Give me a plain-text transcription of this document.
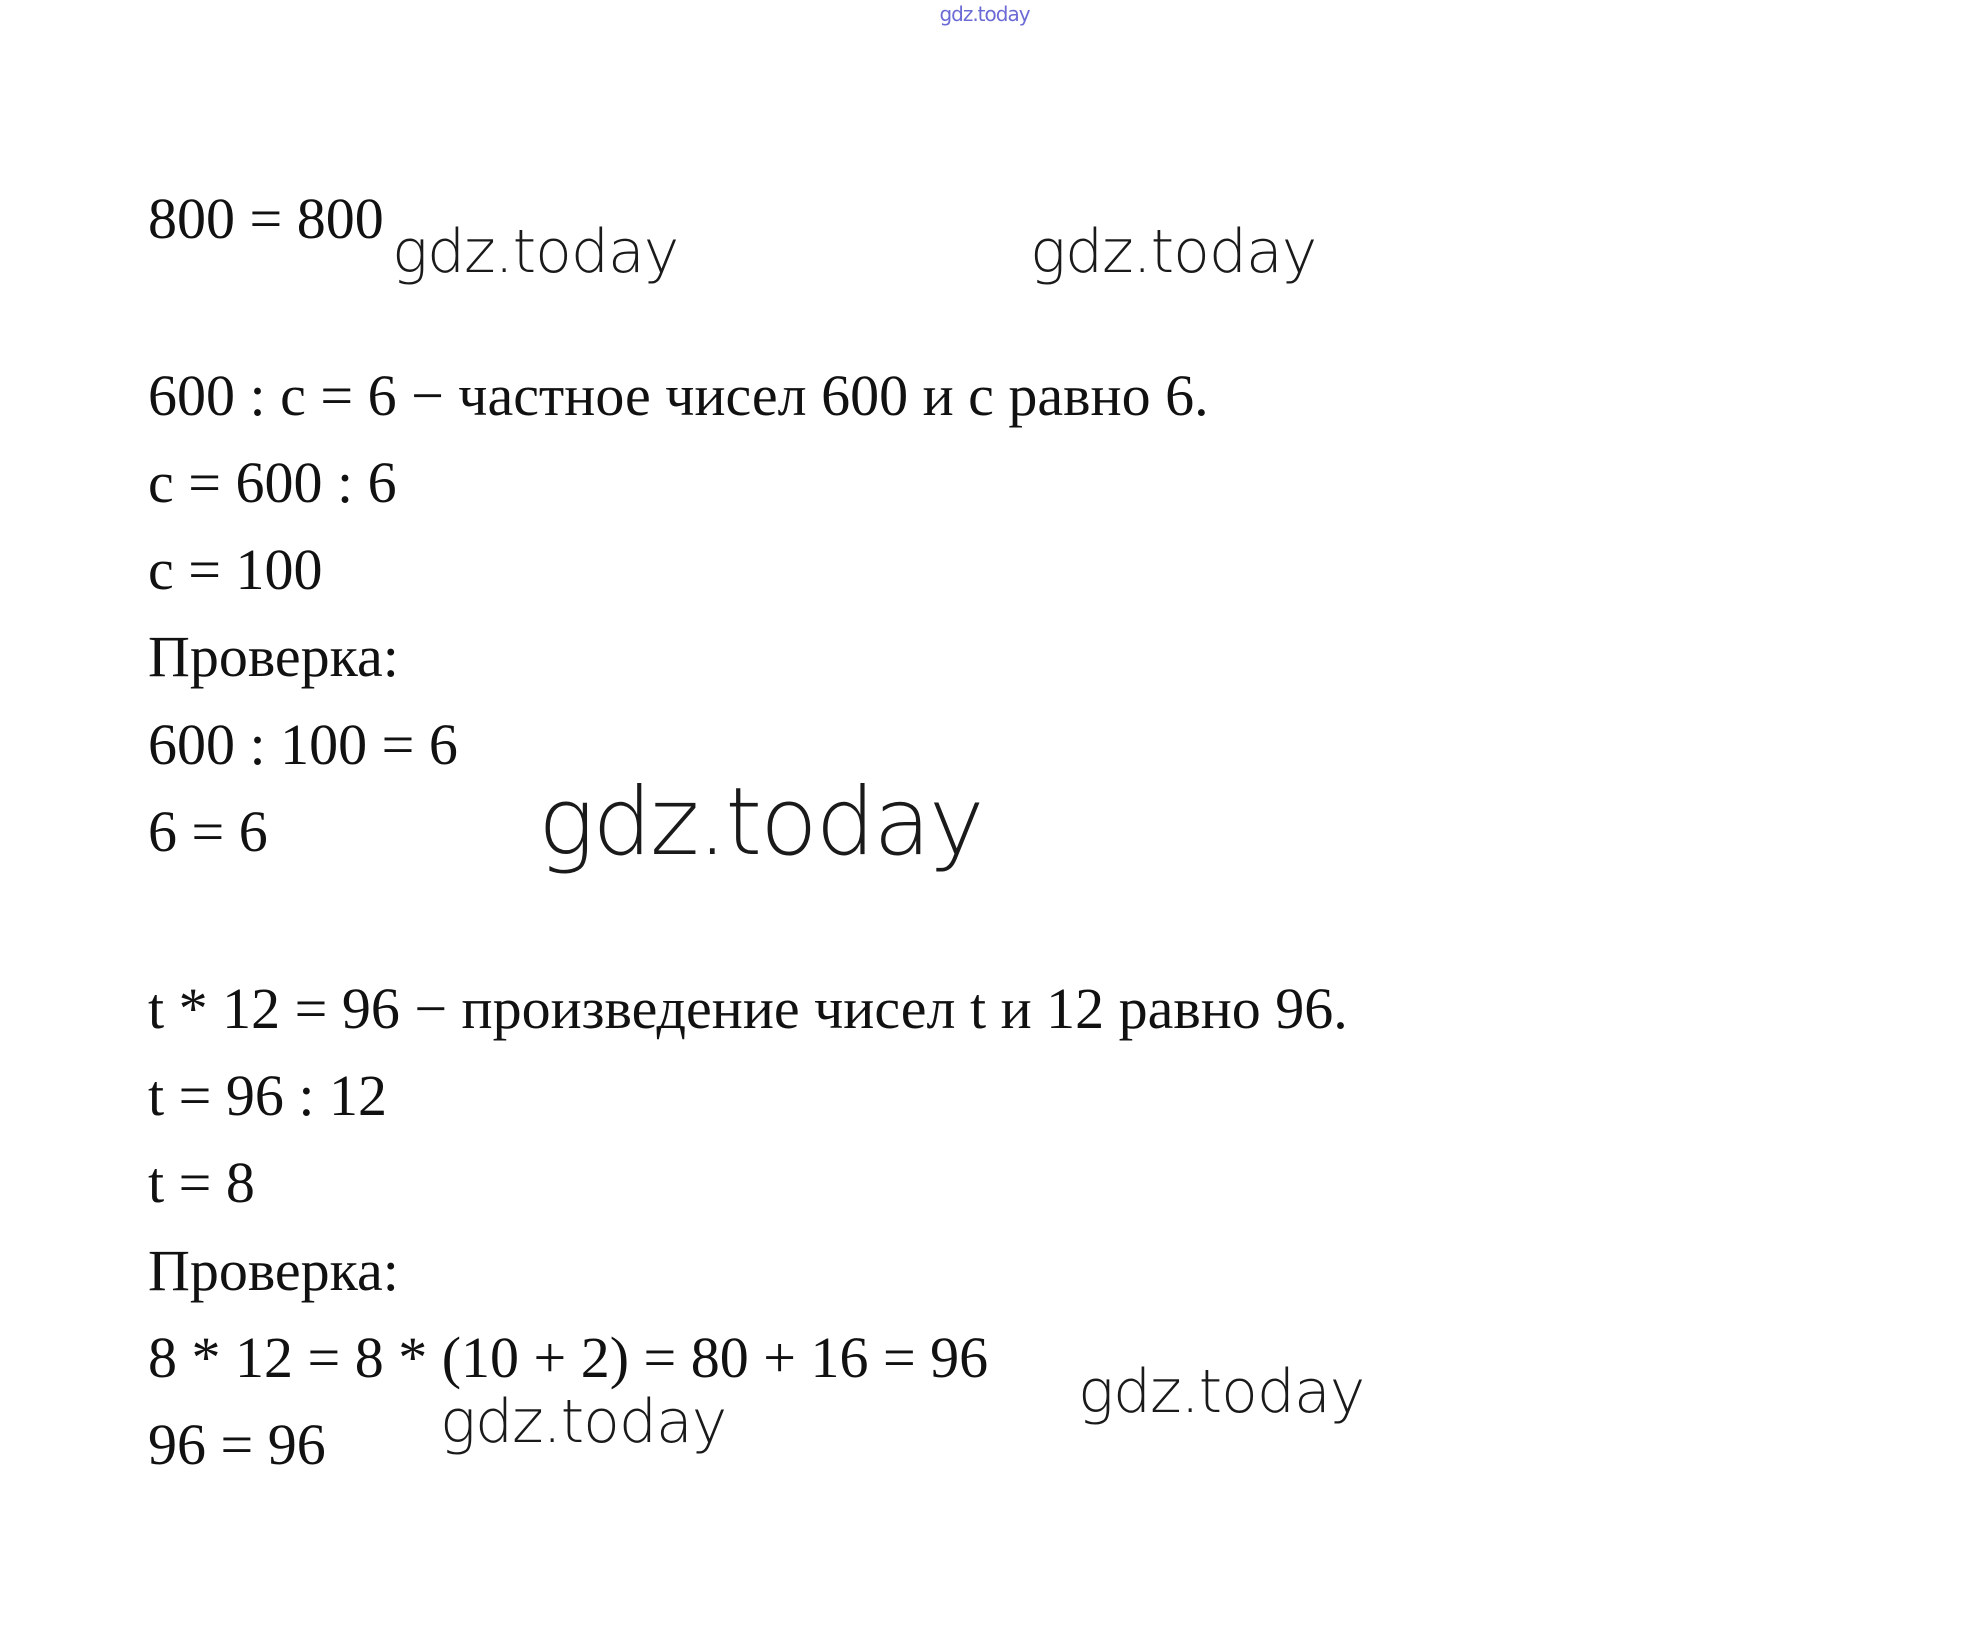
gdz.today
800 = 800 gdz.today	gdz.today
600 : с = 6 − частное чисел 600 и с равно 6.
с = 600 : 6
с = 100
Проверка:
600 : 100 = 6
6 = 6	gdz.today
t * 12 = 96 − произведение чисел t и 12 равно 96.
t = 96 : 12
t = 8
Проверка:
8 * 12 = 8 * (10 + 2) = 80 + 16 = 96 gdz.today
96 = 96 gdz.today
